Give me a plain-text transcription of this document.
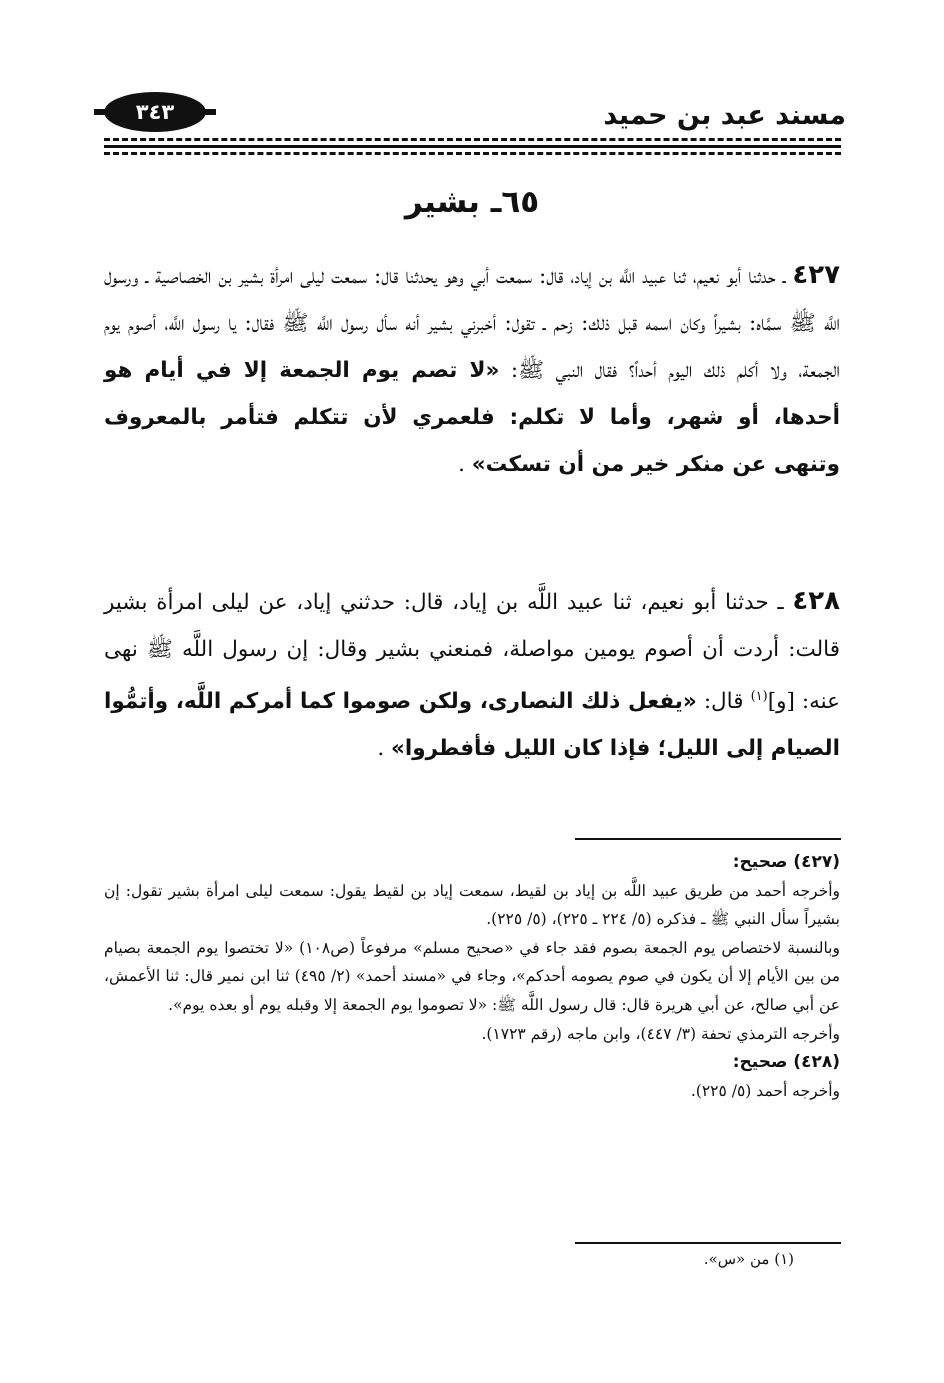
مسند عبد بن حميد
٣٤٣
٦٥ـ بشير
٤٢٧ ـ حدثنا أبو نعيم، ثنا عبيد اللَّه بن إياد، قال: سمعت أبي وهو يحدثنا قال: سمعت ليلى امرأة بشير بن الخصاصية ـ ورسول اللَّه ﷺ سمَّاه: بشيراً وكان اسمه قبل ذلك: زحم ـ تقول: أخبرني بشير أنه سأل رسول اللَّه ﷺ فقال: يا رسول اللَّه، أصوم يوم الجمعة، ولا أكلم ذلك اليوم أحداً؟ فقال النبي ﷺ: «لا تصم يوم الجمعة إلا في أيام هو أحدها، أو شهر، وأما لا تكلم: فلعمري لأن تتكلم فتأمر بالمعروف وتنهى عن منكر خير من أن تسكت» .
٤٢٨ ـ حدثنا أبو نعيم، ثنا عبيد اللَّه بن إياد، قال: حدثني إياد، عن ليلى امرأة بشير قالت: أردت أن أصوم يومين مواصلة، فمنعني بشير وقال: إن رسول اللَّه ﷺ نهى عنه: [و]$^{(١)}$ قال: «يفعل ذلك النصارى، ولكن صوموا كما أمركم اللَّه، وأتمُّوا الصيام إلى الليل؛ فإذا كان الليل فأفطروا» .

(٤٢٧) صحيح:

وأخرجه أحمد من طريق عبيد اللَّه بن إياد بن لقيط، سمعت إياد بن لقيط يقول: سمعت ليلى امرأة بشير تقول: إن بشيراً سأل النبي ﷺ ـ فذكره (٥/ ٢٢٤ ـ ٢٢٥)، (٥/ ٢٢٥).

وبالنسبة لاختصاص يوم الجمعة بصوم فقد جاء في «صحيح مسلم» مرفوعاً (ص١٠٨) «لا تختصوا يوم الجمعة بصيام من بين الأيام إلا أن يكون في صوم يصومه أحدكم»، وجاء في «مسند أحمد» (٢/ ٤٩٥) ثنا ابن نمير قال: ثنا الأعمش، عن أبي صالح، عن أبي هريرة قال: قال رسول اللَّه ﷺ: «لا تصوموا يوم الجمعة إلا وقبله يوم أو بعده يوم».

وأخرجه الترمذي تحفة (٣/ ٤٤٧)، وابن ماجه (رقم ١٧٢٣).

(٤٢٨) صحيح:

وأخرجه أحمد (٥/ ٢٢٥).

(١) من «س».
